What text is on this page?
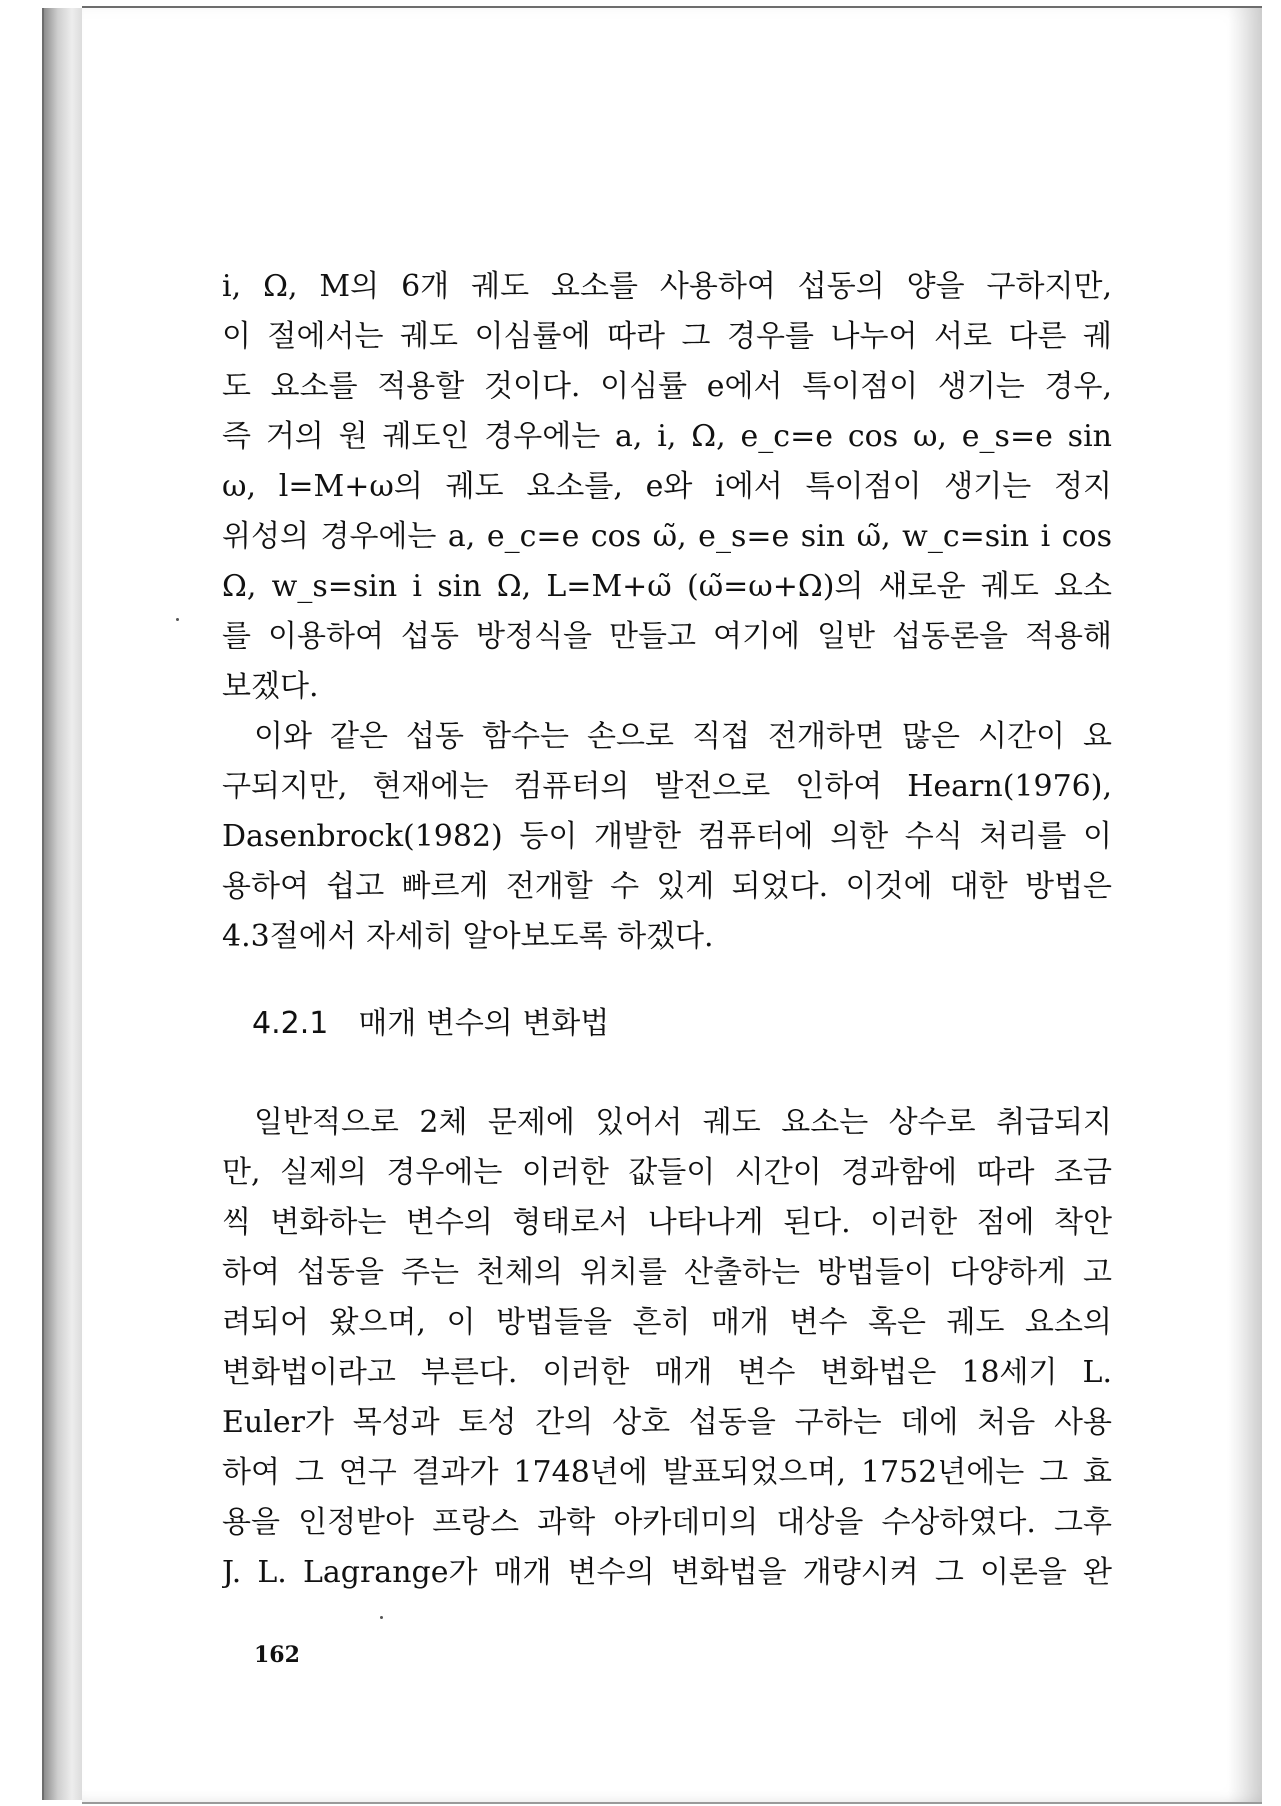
i, Ω, M의 6개 궤도 요소를 사용하여 섭동의 양을 구하지만,
이 절에서는 궤도 이심률에 따라 그 경우를 나누어 서로 다른 궤
도 요소를 적용할 것이다. 이심률 e에서 특이점이 생기는 경우,
즉 거의 원 궤도인 경우에는 a, i, Ω, e_c=e cos ω, e_s=e sin
ω, l=M+ω의 궤도 요소를, e와 i에서 특이점이 생기는 정지
위성의 경우에는 a, e_c=e cos ω̃, e_s=e sin ω̃, w_c=sin i cos
Ω, w_s=sin i sin Ω, L=M+ω̃ (ω̃=ω+Ω)의 새로운 궤도 요소
를 이용하여 섭동 방정식을 만들고 여기에 일반 섭동론을 적용해
보겠다.
이와 같은 섭동 함수는 손으로 직접 전개하면 많은 시간이 요
구되지만, 현재에는 컴퓨터의 발전으로 인하여 Hearn(1976),
Dasenbrock(1982) 등이 개발한 컴퓨터에 의한 수식 처리를 이
용하여 쉽고 빠르게 전개할 수 있게 되었다. 이것에 대한 방법은
4.3절에서 자세히 알아보도록 하겠다.
4.2.1 매개 변수의 변화법
일반적으로 2체 문제에 있어서 궤도 요소는 상수로 취급되지
만, 실제의 경우에는 이러한 값들이 시간이 경과함에 따라 조금
씩 변화하는 변수의 형태로서 나타나게 된다. 이러한 점에 착안
하여 섭동을 주는 천체의 위치를 산출하는 방법들이 다양하게 고
려되어 왔으며, 이 방법들을 흔히 매개 변수 혹은 궤도 요소의
변화법이라고 부른다. 이러한 매개 변수 변화법은 18세기 L.
Euler가 목성과 토성 간의 상호 섭동을 구하는 데에 처음 사용
하여 그 연구 결과가 1748년에 발표되었으며, 1752년에는 그 효
용을 인정받아 프랑스 과학 아카데미의 대상을 수상하였다. 그후
J. L. Lagrange가 매개 변수의 변화법을 개량시켜 그 이론을 완
162
